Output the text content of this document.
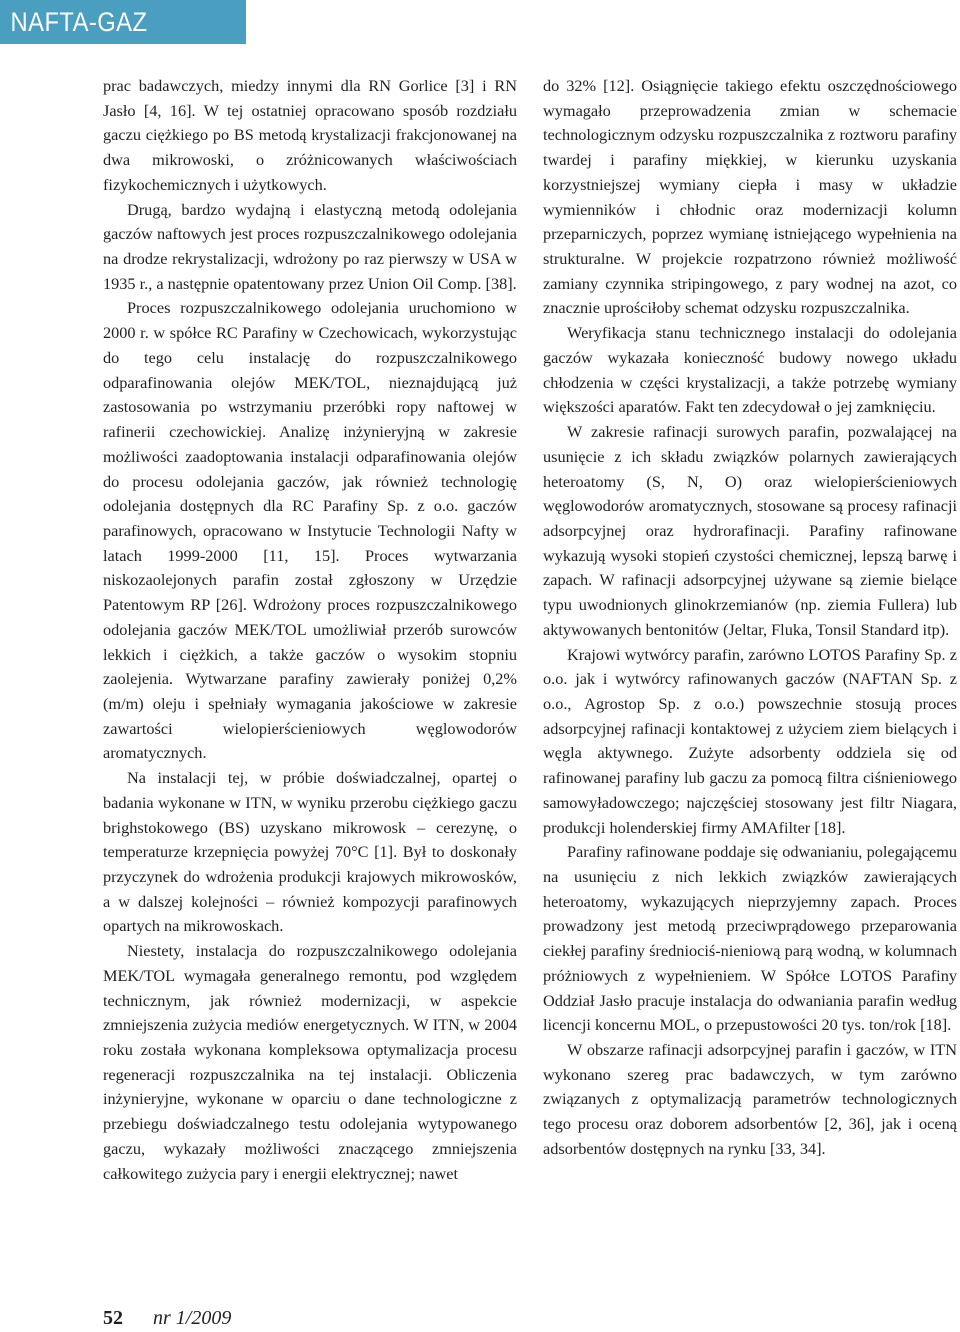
NAFTA-GAZ

prac badawczych, miedzy innymi dla RN Gorlice [3] i RN Jasło [4, 16]. W tej ostatniej opracowano sposób rozdziału gaczu ciężkiego po BS metodą krystalizacji frakcjonowanej na dwa mikrowoski, o zróżnicowanych właściwościach fizykochemicznych i użytkowych.

Drugą, bardzo wydajną i elastyczną metodą odolejania gaczów naftowych jest proces rozpuszczalnikowego odolejania na drodze rekrystalizacji, wdrożony po raz pierwszy w USA w 1935 r., a następnie opatentowany przez Union Oil Comp. [38].

Proces rozpuszczalnikowego odolejania uruchomiono w 2000 r. w spółce RC Parafiny w Czechowicach, wykorzystując do tego celu instalację do rozpuszczalnikowego odparafinowania olejów MEK/TOL, nieznajdującą już zastosowania po wstrzymaniu przeróbki ropy naftowej w rafinerii czechowickiej. Analizę inżynieryjną w zakresie możliwości zaadoptowania instalacji odparafinowania olejów do procesu odolejania gaczów, jak również technologię odolejania dostępnych dla RC Parafiny Sp. z o.o. gaczów parafinowych, opracowano w Instytucie Technologii Nafty w latach 1999-2000 [11, 15]. Proces wytwarzania niskozaolejonych parafin został zgłoszony w Urzędzie Patentowym RP [26]. Wdrożony proces rozpuszczalnikowego odolejania gaczów MEK/TOL umożliwiał przerób surowców lekkich i ciężkich, a także gaczów o wysokim stopniu zaolejenia. Wytwarzane parafiny zawierały poniżej 0,2% (m/m) oleju i spełniały wymagania jakościowe w zakresie zawartości wielopierścieniowych węglowodorów aromatycznych.

Na instalacji tej, w próbie doświadczalnej, opartej o badania wykonane w ITN, w wyniku przerobu ciężkiego gaczu brighstokowego (BS) uzyskano mikrowosk – cerezynę, o temperaturze krzepnięcia powyżej 70°C [1]. Był to doskonały przyczynek do wdrożenia produkcji krajowych mikrowosków, a w dalszej kolejności – również kompozycji parafinowych opartych na mikrowoskach.

Niestety, instalacja do rozpuszczalnikowego odolejania MEK/TOL wymagała generalnego remontu, pod względem technicznym, jak również modernizacji, w aspekcie zmniejszenia zużycia mediów energetycznych. W ITN, w 2004 roku została wykonana kompleksowa optymalizacja procesu regeneracji rozpuszczalnika na tej instalacji. Obliczenia inżynieryjne, wykonane w oparciu o dane technologiczne z przebiegu doświadczalnego testu odolejania wytypowanego gaczu, wykazały możliwości znaczącego zmniejszenia całkowitego zużycia pary i energii elektrycznej; nawet

do 32% [12]. Osiągnięcie takiego efektu oszczędnościowego wymagało przeprowadzenia zmian w schemacie technologicznym odzysku rozpuszczalnika z roztworu parafiny twardej i parafiny miękkiej, w kierunku uzyskania korzystniejszej wymiany ciepła i masy w układzie wymienników i chłodnic oraz modernizacji kolumn przeparniczych, poprzez wymianę istniejącego wypełnienia na strukturalne. W projekcie rozpatrzono również możliwość zamiany czynnika stripingowego, z pary wodnej na azot, co znacznie uprościłoby schemat odzysku rozpuszczalnika.

Weryfikacja stanu technicznego instalacji do odolejania gaczów wykazała konieczność budowy nowego układu chłodzenia w części krystalizacji, a także potrzebę wymiany większości aparatów. Fakt ten zdecydował o jej zamknięciu.

W zakresie rafinacji surowych parafin, pozwalającej na usunięcie z ich składu związków polarnych zawierających heteroatomy (S, N, O) oraz wielopierścieniowych węglowodorów aromatycznych, stosowane są procesy rafinacji adsorpcyjnej oraz hydrorafinacji. Parafiny rafinowane wykazują wysoki stopień czystości chemicznej, lepszą barwę i zapach. W rafinacji adsorpcyjnej używane są ziemie bielące typu uwodnionych glinokrzemianów (np. ziemia Fullera) lub aktywowanych bentonitów (Jeltar, Fluka, Tonsil Standard itp).

Krajowi wytwórcy parafin, zarówno LOTOS Parafiny Sp. z o.o. jak i wytwórcy rafinowanych gaczów (NAFTAN Sp. z o.o., Agrostop Sp. z o.o.) powszechnie stosują proces adsorpcyjnej rafinacji kontaktowej z użyciem ziem bielących i węgla aktywnego. Zużyte adsorbenty oddziela się od rafinowanej parafiny lub gaczu za pomocą filtra ciśnieniowego samowyładowczego; najczęściej stosowany jest filtr Niagara, produkcji holenderskiej firmy AMAfilter [18].

Parafiny rafinowane poddaje się odwanianiu, polegającemu na usunięciu z nich lekkich związków zawierających heteroatomy, wykazujących nieprzyjemny zapach. Proces prowadzony jest metodą przeciwprądowego przeparowania ciekłej parafiny średniociś-nieniową parą wodną, w kolumnach próżniowych z wypełnieniem. W Spółce LOTOS Parafiny Oddział Jasło pracuje instalacja do odwaniania parafin według licencji koncernu MOL, o przepustowości 20 tys. ton/rok [18].

W obszarze rafinacji adsorpcyjnej parafin i gaczów, w ITN wykonano szereg prac badawczych, w tym zarówno związanych z optymalizacją parametrów technologicznych tego procesu oraz doborem adsorbentów [2, 36], jak i oceną adsorbentów dostępnych na rynku [33, 34].

52 nr 1/2009
